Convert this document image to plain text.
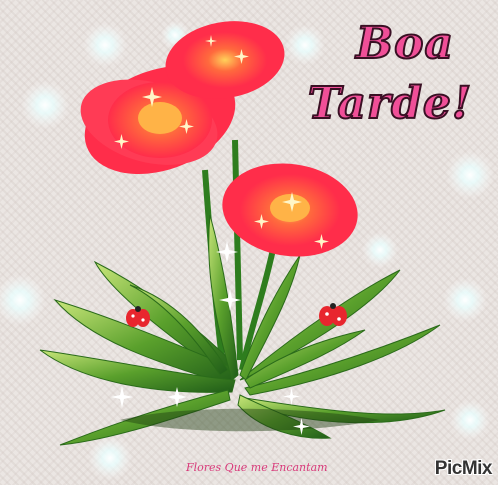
Boa
Tarde!
Flores Que me Encantam	PicMix
